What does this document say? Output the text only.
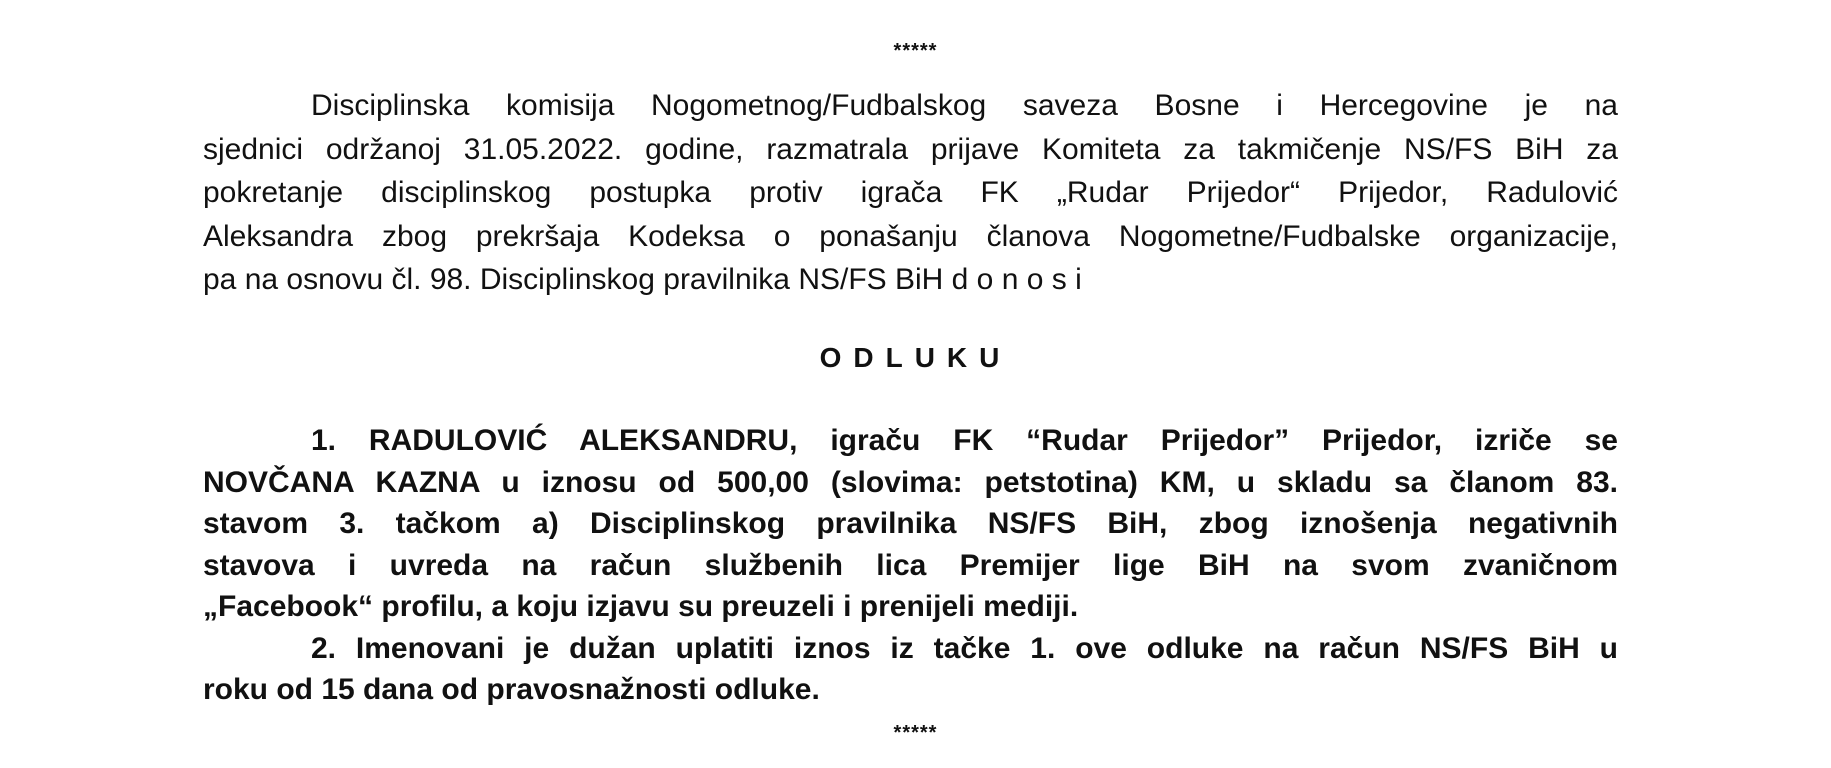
*****
Disciplinska komisija Nogometnog/Fudbalskog saveza Bosne i Hercegovine je na
sjednici održanoj 31.05.2022. godine, razmatrala prijave Komiteta za takmičenje NS/FS BiH za
pokretanje disciplinskog postupka protiv igrača FK „Rudar Prijedor“ Prijedor, Radulović
Aleksandra zbog prekršaja Kodeksa o ponašanju članova Nogometne/Fudbalske organizacije,
pa na osnovu čl. 98. Disciplinskog pravilnika NS/FS BiH d o n o s i
ODLUKU
1. RADULOVIĆ ALEKSANDRU, igraču FK “Rudar Prijedor” Prijedor, izriče se
NOVČANA KAZNA u iznosu od 500,00 (slovima: petstotina) KM, u skladu sa članom 83.
stavom 3. tačkom a) Disciplinskog pravilnika NS/FS BiH, zbog iznošenja negativnih
stavova i uvreda na račun službenih lica Premijer lige BiH na svom zvaničnom
„Facebook“ profilu, a koju izjavu su preuzeli i prenijeli mediji.
2. Imenovani je dužan uplatiti iznos iz tačke 1. ove odluke na račun NS/FS BiH u
roku od 15 dana od pravosnažnosti odluke.
*****
